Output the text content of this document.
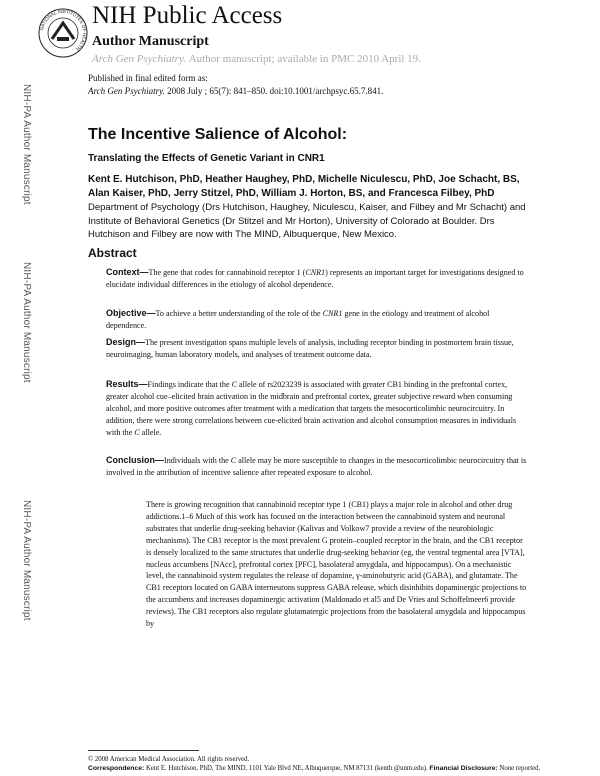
NATIONAL INSTITUTES OF HEALTH
NIH Public Access
Author Manuscript
Arch Gen Psychiatry. Author manuscript; available in PMC 2010 April 19.
Published in final edited form as:
Arch Gen Psychiatry. 2008 July ; 65(7): 841–850. doi:10.1001/archpsyc.65.7.841.
NIH-PA Author Manuscript
NIH-PA Author Manuscript
NIH-PA Author Manuscript
The Incentive Salience of Alcohol:
Translating the Effects of Genetic Variant in CNR1
Kent E. Hutchison, PhD, Heather Haughey, PhD, Michelle Niculescu, PhD, Joe Schacht, BS, Alan Kaiser, PhD, Jerry Stitzel, PhD, William J. Horton, BS, and Francesca Filbey, PhD
Department of Psychology (Drs Hutchison, Haughey, Niculescu, Kaiser, and Filbey and Mr Schacht) and Institute of Behavioral Genetics (Dr Stitzel and Mr Horton), University of Colorado at Boulder. Drs Hutchison and Filbey are now with The MIND, Albuquerque, New Mexico.
Abstract
Context—The gene that codes for cannabinoid receptor 1 (CNR1) represents an important target for investigations designed to elucidate individual differences in the etiology of alcohol dependence.
Objective—To achieve a better understanding of the role of the CNR1 gene in the etiology and treatment of alcohol dependence.
Design—The present investigation spans multiple levels of analysis, including receptor binding in postmortem brain tissue, neuroimaging, human laboratory models, and analyses of treatment outcome data.
Results—Findings indicate that the C allele of rs2023239 is associated with greater CB1 binding in the prefrontal cortex, greater alcohol cue–elicited brain activation in the midbrain and prefrontal cortex, greater subjective reward when consuming alcohol, and more positive outcomes after treatment with a medication that targets the mesocorticolimbic neurocircuitry. In addition, there were strong correlations between cue-elicited brain activation and alcohol consumption measures in individuals with the C allele.
Conclusion—Individuals with the C allele may be more susceptible to changes in the mesocorticolimbic neurocircuitry that is involved in the attribution of incentive salience after repeated exposure to alcohol.
There is growing recognition that cannabinoid receptor type 1 (CB1) plays a major role in alcohol and other drug addictions.1–6 Much of this work has focused on the interaction between the cannabinoid system and neuronal substrates that underlie drug-seeking behavior (Kalivas and Volkow7 provide a review of the neurobiologic mechanisms). The CB1 receptor is the most prevalent G protein–coupled receptor in the brain, and the CB1 receptor is densely localized to the same structures that underlie drug-seeking behavior (eg, the ventral tegmental area [VTA], nucleus accumbens [NAcc], prefrontal cortex [PFC], basolateral amygdala, and hippocampus). On a mechanistic level, the cannabinoid system regulates the release of dopamine, γ-aminobutyric acid (GABA), and glutamate. The CB1 receptors located on GABA interneurons suppress GABA release, which disinhibits dopaminergic projections to the accumbens and increases dopaminergic activation (Maldonado et al5 and De Vries and Schoffelmeer6 provide reviews). The CB1 receptors also regulate glutamatergic projections from the basolateral amygdala and hippocampus by
© 2008 American Medical Association. All rights reserved.
Correspondence: Kent E. Hutchison, PhD, The MIND, 1101 Yale Blvd NE, Albuquerque, NM 87131 (kenth @unm.edu). Financial Disclosure: None reported.
